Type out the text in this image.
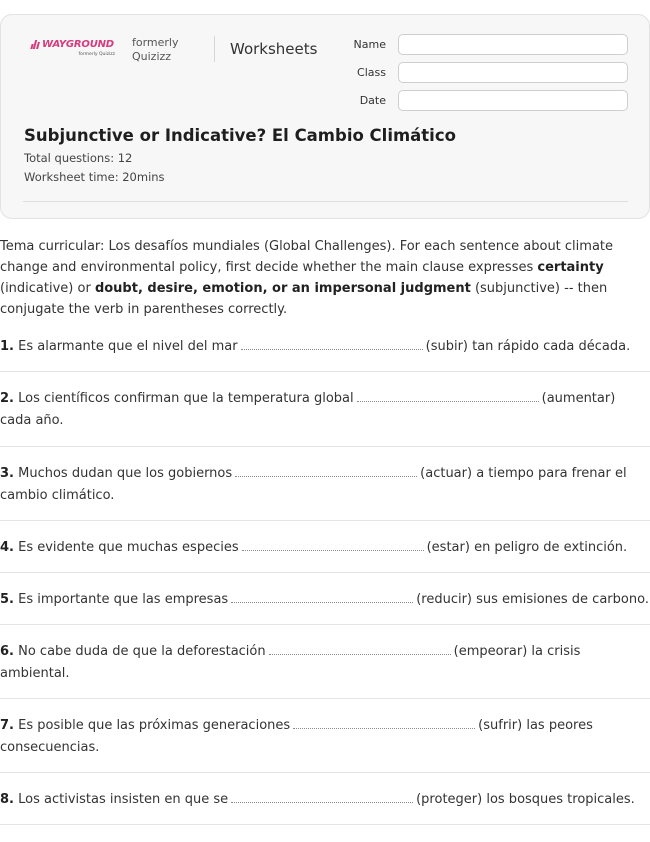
WAYGROUND
formerly Quizizz
formerly
Quizizz	Worksheets	Name
Class
Date
Subjunctive or Indicative? El Cambio Climático
Total questions: 12
Worksheet time: 20mins
Tema curricular: Los desafíos mundiales (Global Challenges). For each sentence about climate change and environmental policy, first decide whether the main clause expresses certainty (indicative) or doubt, desire, emotion, or an impersonal judgment (subjunctive) -- then conjugate the verb in parentheses correctly.
1. Es alarmante que el nivel del mar	(subir) tan rápido cada década.
2. Los científicos confirman que la temperatura global	(aumentar) cada año.
3. Muchos dudan que los gobiernos	(actuar) a tiempo para frenar el cambio climático.
4. Es evidente que muchas especies	(estar) en peligro de extinción.
5. Es importante que las empresas	(reducir) sus emisiones de carbono.
6. No cabe duda de que la deforestación	(empeorar) la crisis ambiental.
7. Es posible que las próximas generaciones	(sufrir) las peores consecuencias.
8. Los activistas insisten en que se	(proteger) los bosques tropicales.
